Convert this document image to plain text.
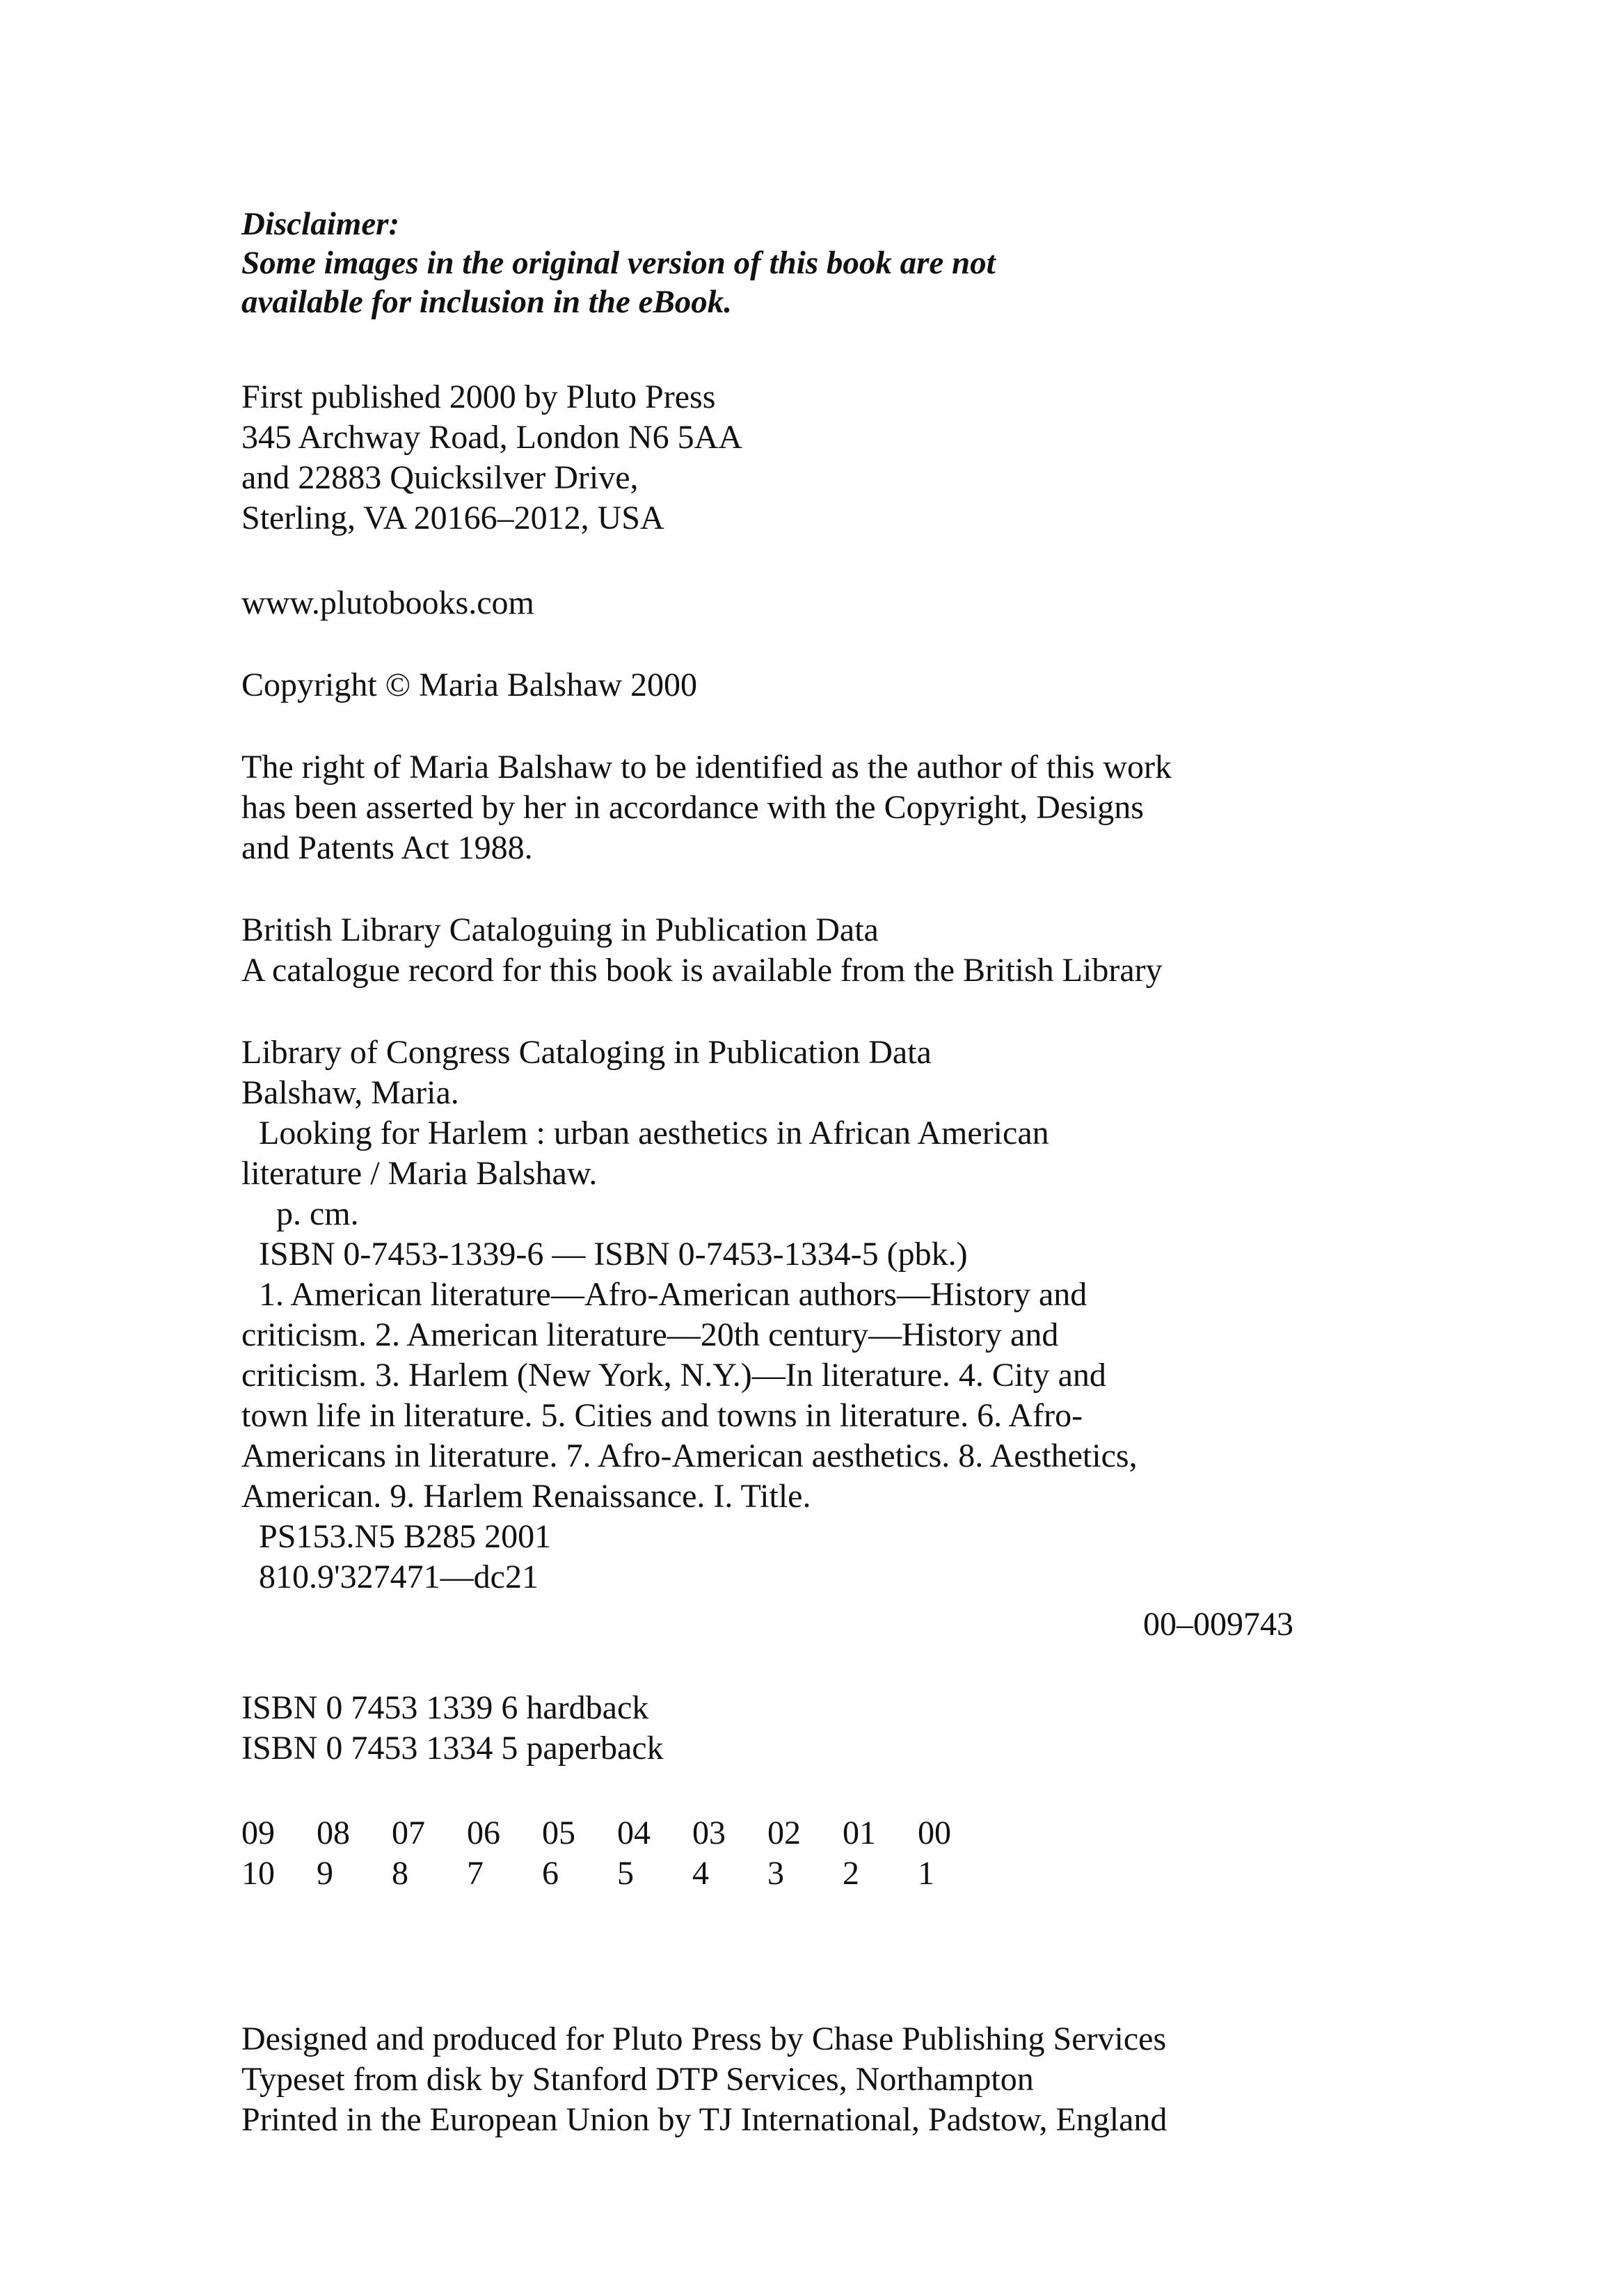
Disclaimer:
Some images in the original version of this book are not
available for inclusion in the eBook.
First published 2000 by Pluto Press
345 Archway Road, London N6 5AA
and 22883 Quicksilver Drive,
Sterling, VA 20166–2012, USA
www.plutobooks.com
Copyright © Maria Balshaw 2000
The right of Maria Balshaw to be identified as the author of this work
has been asserted by her in accordance with the Copyright, Designs
and Patents Act 1988.
British Library Cataloguing in Publication Data
A catalogue record for this book is available from the British Library
Library of Congress Cataloging in Publication Data
Balshaw, Maria.
Looking for Harlem : urban aesthetics in African American
literature / Maria Balshaw.
p. cm.
ISBN 0-7453-1339-6 — ISBN 0-7453-1334-5 (pbk.)
1. American literature—Afro-American authors—History and
criticism. 2. American literature—20th century—History and
criticism. 3. Harlem (New York, N.Y.)—In literature. 4. City and
town life in literature. 5. Cities and towns in literature. 6. Afro-
Americans in literature. 7. Afro-American aesthetics. 8. Aesthetics,
American. 9. Harlem Renaissance. I. Title.
PS153.N5 B285 2001
810.9'327471—dc21
00–009743
ISBN 0 7453 1339 6 hardback
ISBN 0 7453 1334 5 paperback
09	08	07	06	05	04	03	02	01	00
10	9	8	7	6	5	4	3	2	1
Designed and produced for Pluto Press by Chase Publishing Services
Typeset from disk by Stanford DTP Services, Northampton
Printed in the European Union by TJ International, Padstow, England
